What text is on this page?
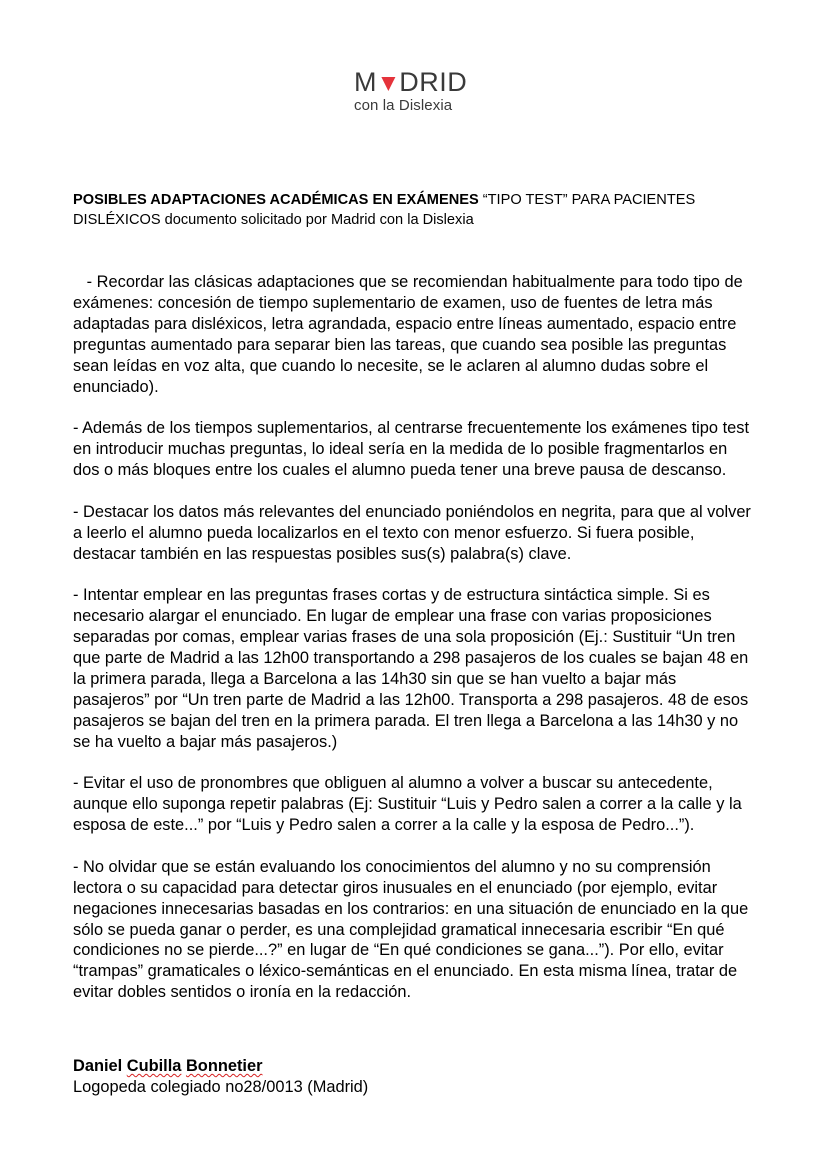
M▲DRID
con la Dislexia
POSIBLES ADAPTACIONES ACADÉMICAS EN EXÁMENES “TIPO TEST” PARA PACIENTES DISLÉXICOS documento solicitado por Madrid con la Dislexia

- Recordar las clásicas adaptaciones que se recomiendan habitualmente para todo tipo de exámenes: concesión de tiempo suplementario de examen, uso de fuentes de letra más adaptadas para disléxicos, letra agrandada, espacio entre líneas aumentado, espacio entre preguntas aumentado para separar bien las tareas, que cuando sea posible las preguntas sean leídas en voz alta, que cuando lo necesite, se le aclaren al alumno dudas sobre el enunciado).

- Además de los tiempos suplementarios, al centrarse frecuentemente los exámenes tipo test en introducir muchas preguntas, lo ideal sería en la medida de lo posible fragmentarlos en dos o más bloques entre los cuales el alumno pueda tener una breve pausa de descanso.

- Destacar los datos más relevantes del enunciado poniéndolos en negrita, para que al volver a leerlo el alumno pueda localizarlos en el texto con menor esfuerzo. Si fuera posible, destacar también en las respuestas posibles sus(s) palabra(s) clave.

- Intentar emplear en las preguntas frases cortas y de estructura sintáctica simple. Si es necesario alargar el enunciado. En lugar de emplear una frase con varias proposiciones separadas por comas, emplear varias frases de una sola proposición (Ej.: Sustituir “Un tren que parte de Madrid a las 12h00 transportando a 298 pasajeros de los cuales se bajan 48 en la primera parada, llega a Barcelona a las 14h30 sin que se han vuelto a bajar más pasajeros” por “Un tren parte de Madrid a las 12h00. Transporta a 298 pasajeros. 48 de esos pasajeros se bajan del tren en la primera parada. El tren llega a Barcelona a las 14h30 y no se ha vuelto a bajar más pasajeros.)

- Evitar el uso de pronombres que obliguen al alumno a volver a buscar su antecedente, aunque ello suponga repetir palabras (Ej: Sustituir “Luis y Pedro salen a correr a la calle y la esposa de este...” por “Luis y Pedro salen a correr a la calle y la esposa de Pedro...”).

- No olvidar que se están evaluando los conocimientos del alumno y no su comprensión lectora o su capacidad para detectar giros inusuales en el enunciado (por ejemplo, evitar negaciones innecesarias basadas en los contrarios: en una situación de enunciado en la que sólo se pueda ganar o perder, es una complejidad gramatical innecesaria escribir “En qué condiciones no se pierde...?” en lugar de “En qué condiciones se gana...”). Por ello, evitar “trampas” gramaticales o léxico-semánticas en el enunciado. En esta misma línea, tratar de evitar dobles sentidos o ironía en la redacción.

Daniel Cubilla Bonnetier
Logopeda colegiado no28/0013 (Madrid)
